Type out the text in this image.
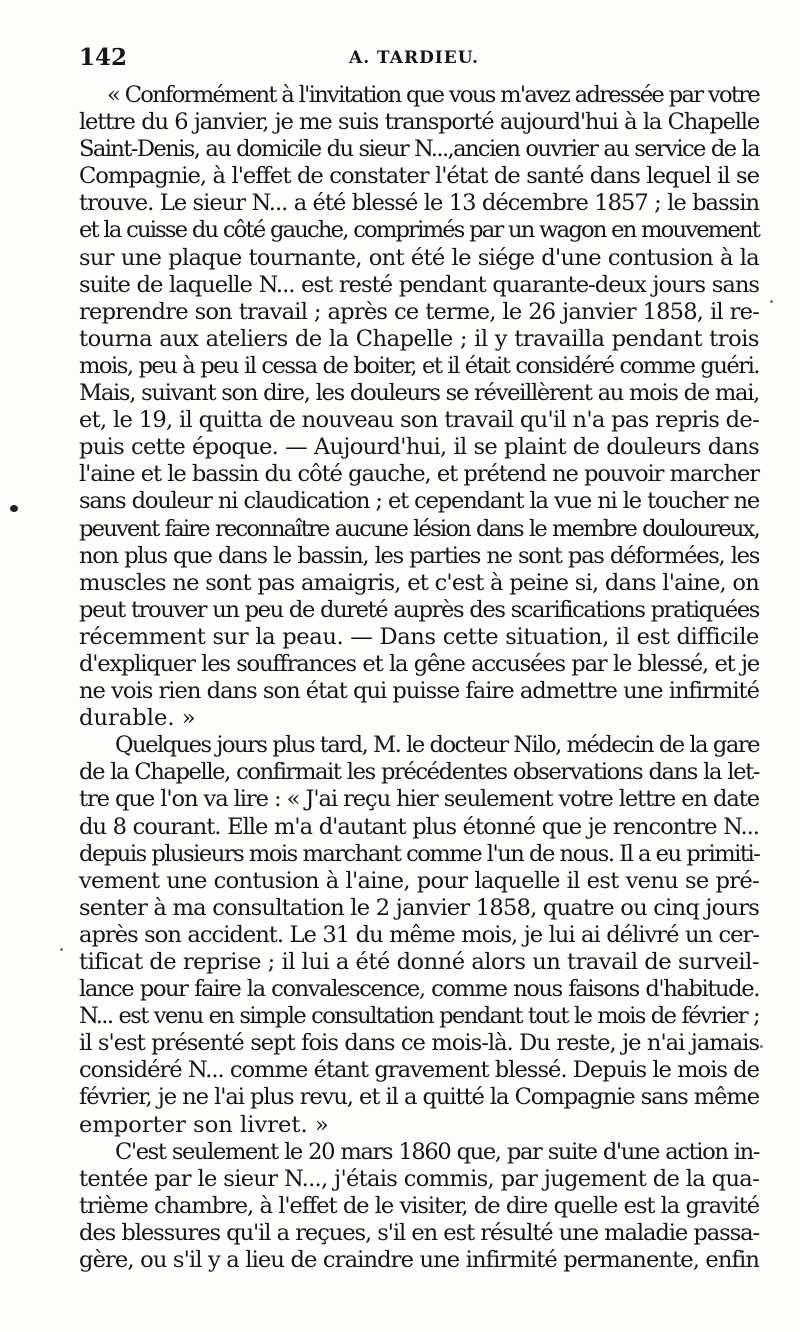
142	A. TARDIEU.
« Conformément à l'invitation que vous m'avez adressée par votre
lettre du 6 janvier, je me suis transporté aujourd'hui à la Chapelle
Saint-Denis, au domicile du sieur N...,ancien ouvrier au service de la
Compagnie, à l'effet de constater l'état de santé dans lequel il se
trouve. Le sieur N... a été blessé le 13 décembre 1857 ; le bassin
et la cuisse du côté gauche, comprimés par un wagon en mouvement
sur une plaque tournante, ont été le siége d'une contusion à la
suite de laquelle N... est resté pendant quarante-deux jours sans
reprendre son travail ; après ce terme, le 26 janvier 1858, il re-
tourna aux ateliers de la Chapelle ; il y travailla pendant trois
mois, peu à peu il cessa de boiter, et il était considéré comme guéri.
Mais, suivant son dire, les douleurs se réveillèrent au mois de mai,
et, le 19, il quitta de nouveau son travail qu'il n'a pas repris de-
puis cette époque. — Aujourd'hui, il se plaint de douleurs dans
l'aine et le bassin du côté gauche, et prétend ne pouvoir marcher
sans douleur ni claudication ; et cependant la vue ni le toucher ne
peuvent faire reconnaître aucune lésion dans le membre douloureux,
non plus que dans le bassin, les parties ne sont pas déformées, les
muscles ne sont pas amaigris, et c'est à peine si, dans l'aine, on
peut trouver un peu de dureté auprès des scarifications pratiquées
récemment sur la peau. — Dans cette situation, il est difficile
d'expliquer les souffrances et la gêne accusées par le blessé, et je
ne vois rien dans son état qui puisse faire admettre une infirmité
durable. »
Quelques jours plus tard, M. le docteur Nilo, médecin de la gare
de la Chapelle, confirmait les précédentes observations dans la let-
tre que l'on va lire : « J'ai reçu hier seulement votre lettre en date
du 8 courant. Elle m'a d'autant plus étonné que je rencontre N...
depuis plusieurs mois marchant comme l'un de nous. Il a eu primiti-
vement une contusion à l'aine, pour laquelle il est venu se pré-
senter à ma consultation le 2 janvier 1858, quatre ou cinq jours
après son accident. Le 31 du même mois, je lui ai délivré un cer-
tificat de reprise ; il lui a été donné alors un travail de surveil-
lance pour faire la convalescence, comme nous faisons d'habitude.
N... est venu en simple consultation pendant tout le mois de février ;
il s'est présenté sept fois dans ce mois-là. Du reste, je n'ai jamais
considéré N... comme étant gravement blessé. Depuis le mois de
février, je ne l'ai plus revu, et il a quitté la Compagnie sans même
emporter son livret. »
C'est seulement le 20 mars 1860 que, par suite d'une action in-
tentée par le sieur N..., j'étais commis, par jugement de la qua-
trième chambre, à l'effet de le visiter, de dire quelle est la gravité
des blessures qu'il a reçues, s'il en est résulté une maladie passa-
gère, ou s'il y a lieu de craindre une infirmité permanente, enfin
